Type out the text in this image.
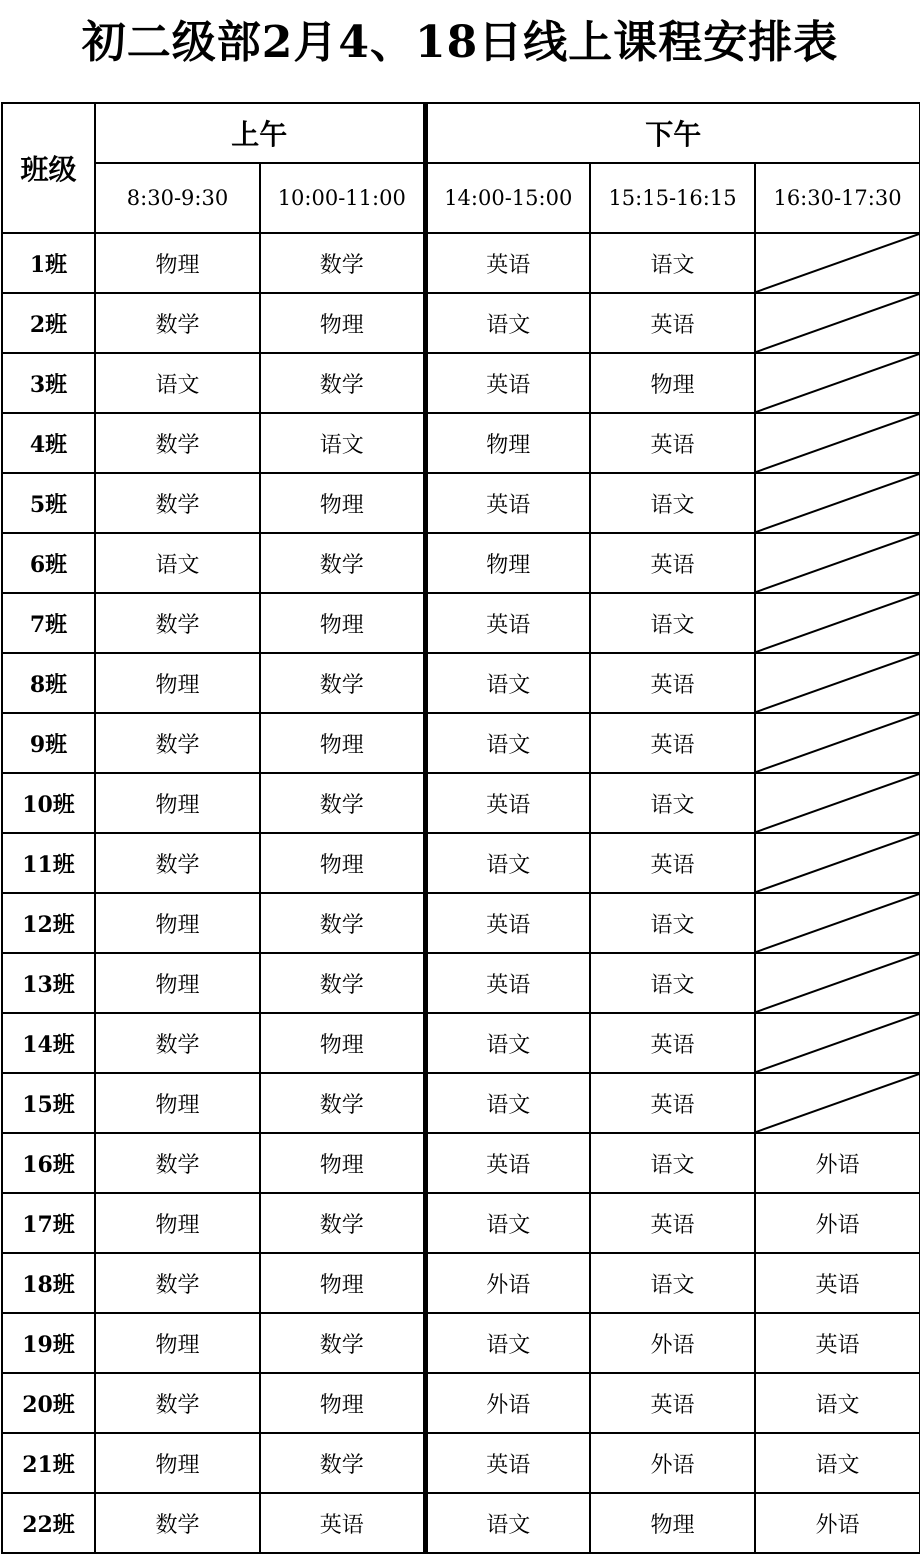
初二级部2月4、18日线上课程安排表
班级	上午		下午		
	8:30-9:30	10:00-11:00	14:00-15:00	15:15-16:15	16:30-17:30
1班	物理	数学	英语	语文	

2班	数学	物理	语文	英语	

3班	语文	数学	英语	物理	

4班	数学	语文	物理	英语	

5班	数学	物理	英语	语文	

6班	语文	数学	物理	英语	

7班	数学	物理	英语	语文	

8班	物理	数学	语文	英语	

9班	数学	物理	语文	英语	

10班	物理	数学	英语	语文	

11班	数学	物理	语文	英语	

12班	物理	数学	英语	语文	

13班	物理	数学	英语	语文	

14班	数学	物理	语文	英语	

15班	物理	数学	语文	英语	

16班	数学	物理	英语	语文	外语
17班	物理	数学	语文	英语	外语
18班	数学	物理	外语	语文	英语
19班	物理	数学	语文	外语	英语
20班	数学	物理	外语	英语	语文
21班	物理	数学	英语	外语	语文
22班	数学	英语	语文	物理	外语
